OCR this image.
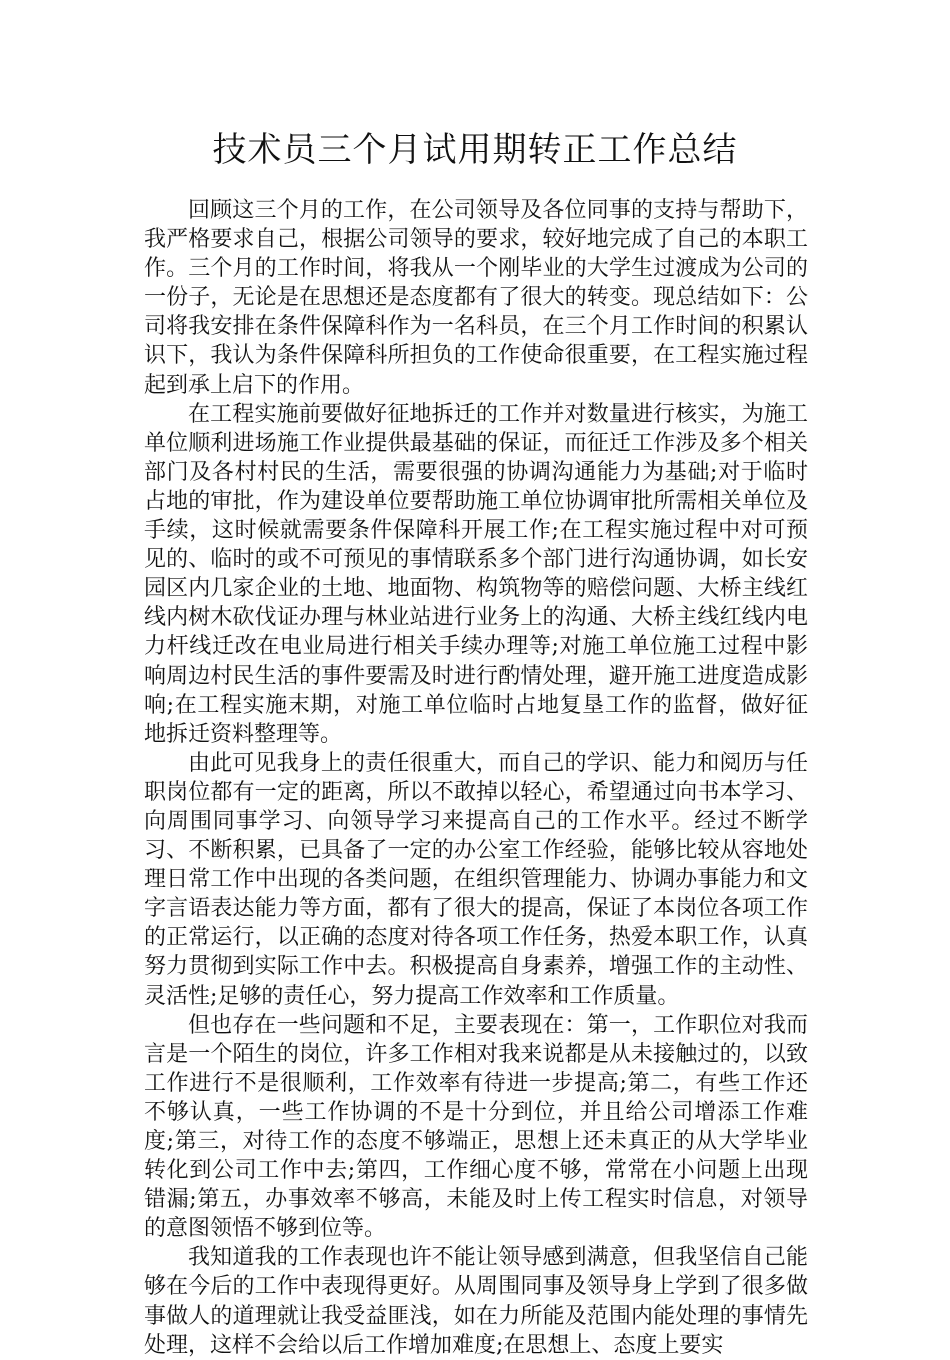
技术员三个月试用期转正工作总结

回顾这三个月的工作，在公司领导及各位同事的支持与帮助下，我严格要求自己，根据公司领导的要求，较好地完成了自己的本职工作。三个月的工作时间，将我从一个刚毕业的大学生过渡成为公司的一份子，无论是在思想还是态度都有了很大的转变。现总结如下：公司将我安排在条件保障科作为一名科员，在三个月工作时间的积累认识下，我认为条件保障科所担负的工作使命很重要，在工程实施过程起到承上启下的作用。

在工程实施前要做好征地拆迁的工作并对数量进行核实，为施工单位顺利进场施工作业提供最基础的保证，而征迁工作涉及多个相关部门及各村村民的生活，需要很强的协调沟通能力为基础;对于临时占地的审批，作为建设单位要帮助施工单位协调审批所需相关单位及手续，这时候就需要条件保障科开展工作;在工程实施过程中对可预见的、临时的或不可预见的事情联系多个部门进行沟通协调，如长安园区内几家企业的土地、地面物、构筑物等的赔偿问题、大桥主线红线内树木砍伐证办理与林业站进行业务上的沟通、大桥主线红线内电力杆线迁改在电业局进行相关手续办理等;对施工单位施工过程中影响周边村民生活的事件要需及时进行酌情处理，避开施工进度造成影响;在工程实施末期，对施工单位临时占地复垦工作的监督，做好征地拆迁资料整理等。

由此可见我身上的责任很重大，而自己的学识、能力和阅历与任职岗位都有一定的距离，所以不敢掉以轻心，希望通过向书本学习、向周围同事学习、向领导学习来提高自己的工作水平。经过不断学习、不断积累，已具备了一定的办公室工作经验，能够比较从容地处理日常工作中出现的各类问题，在组织管理能力、协调办事能力和文字言语表达能力等方面，都有了很大的提高，保证了本岗位各项工作的正常运行，以正确的态度对待各项工作任务，热爱本职工作，认真努力贯彻到实际工作中去。积极提高自身素养，增强工作的主动性、灵活性;足够的责任心，努力提高工作效率和工作质量。

但也存在一些问题和不足，主要表现在：第一，工作职位对我而言是一个陌生的岗位，许多工作相对我来说都是从未接触过的，以致工作进行不是很顺利，工作效率有待进一步提高;第二，有些工作还不够认真，一些工作协调的不是十分到位，并且给公司增添工作难度;第三，对待工作的态度不够端正，思想上还未真正的从大学毕业转化到公司工作中去;第四，工作细心度不够，常常在小问题上出现错漏;第五，办事效率不够高，未能及时上传工程实时信息，对领导的意图领悟不够到位等。

我知道我的工作表现也许不能让领导感到满意，但我坚信自己能够在今后的工作中表现得更好。从周围同事及领导身上学到了很多做事做人的道理就让我受益匪浅，如在力所能及范围内能处理的事情先处理，这样不会给以后工作增加难度;在思想上、态度上要实
